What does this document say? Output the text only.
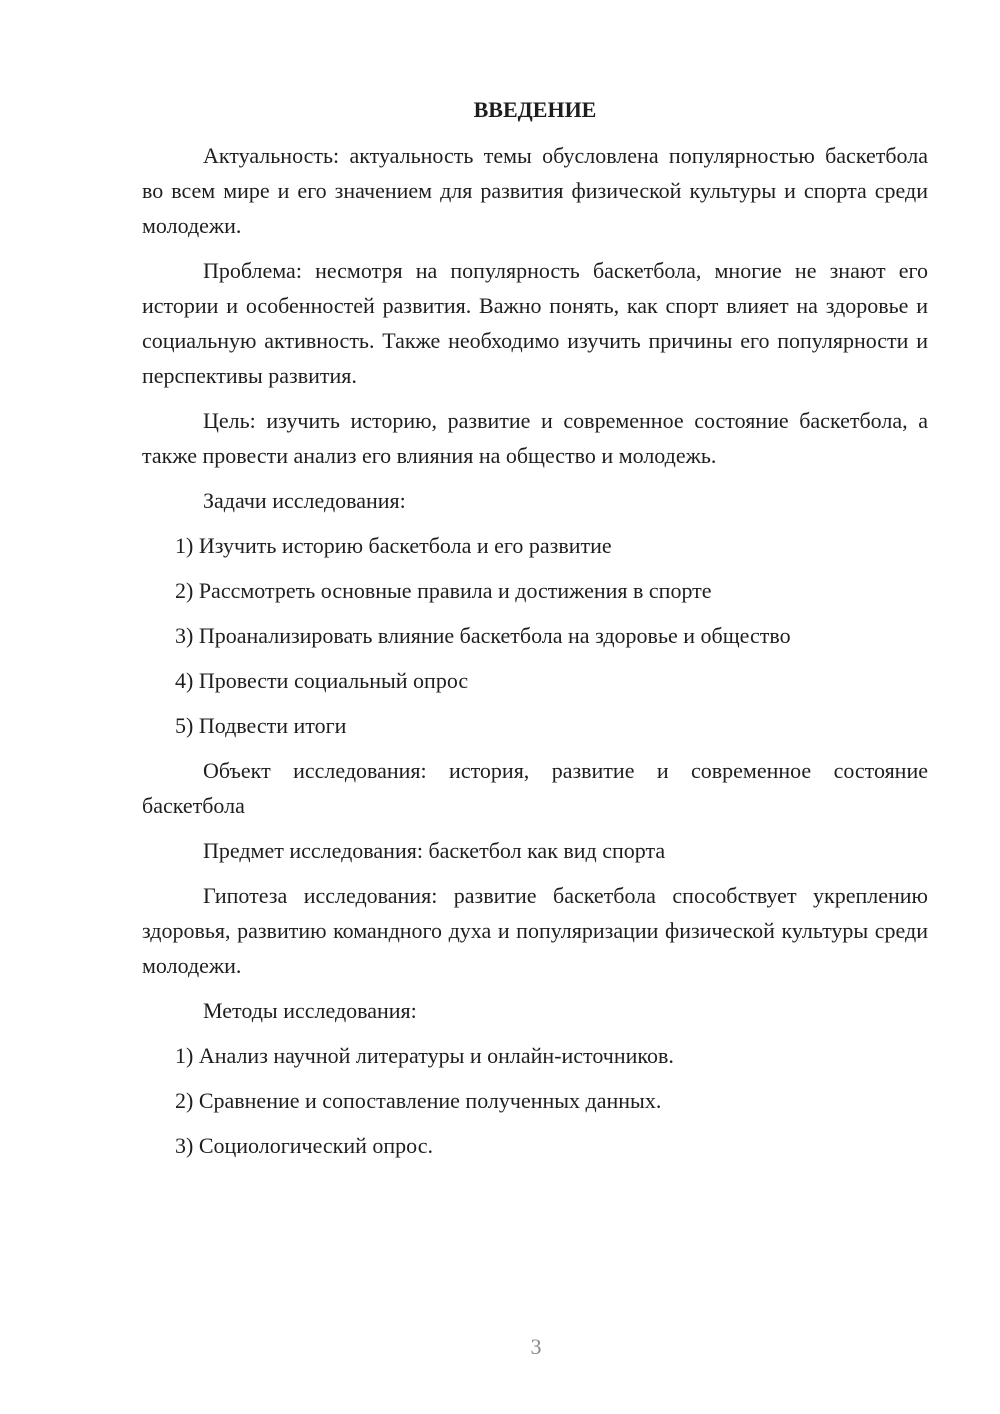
ВВЕДЕНИЕ

Актуальность: актуальность темы обусловлена популярностью баскетбола во всем мире и его значением для развития физической культуры и спорта среди молодежи.

Проблема: несмотря на популярность баскетбола, многие не знают его истории и особенностей развития. Важно понять, как спорт влияет на здоровье и социальную активность. Также необходимо изучить причины его популярности и перспективы развития.

Цель: изучить историю, развитие и современное состояние баскетбола, а также провести анализ его влияния на общество и молодежь.

Задачи исследования:
1) Изучить историю баскетбола и его развитие
2) Рассмотреть основные правила и достижения в спорте
3) Проанализировать влияние баскетбола на здоровье и общество
4) Провести социальный опрос
5) Подвести итоги

Объект исследования: история, развитие и современное состояние баскетбола

Предмет исследования: баскетбол как вид спорта

Гипотеза исследования: развитие баскетбола способствует укреплению здоровья, развитию командного духа и популяризации физической культуры среди молодежи.

Методы исследования:
1) Анализ научной литературы и онлайн-источников.
2) Сравнение и сопоставление полученных данных.
3) Социологический опрос.
3
